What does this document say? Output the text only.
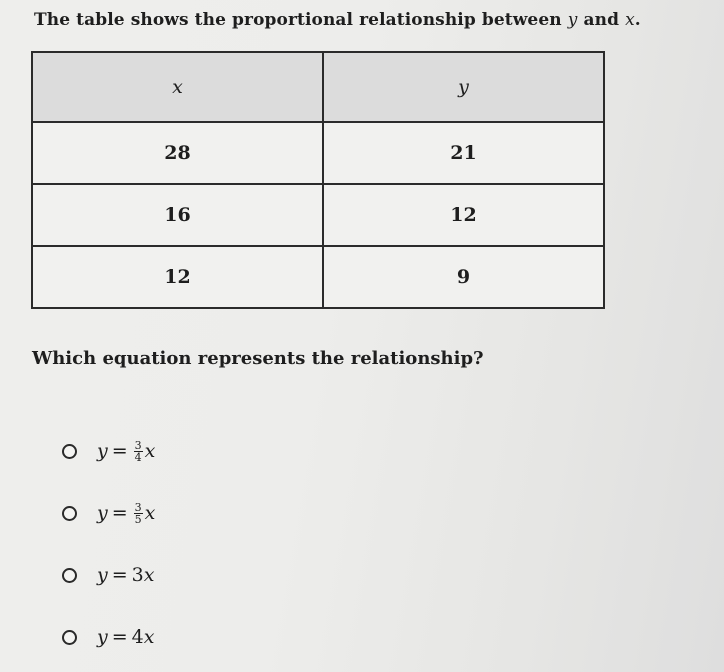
The table shows the proportional relationship between y and x.
x	y
28	21
16	12
12	9
Which equation represents the relationship?
$y = \frac{3}{4}$ x
$y = \frac{3}{5}$ x
y = 3 x
y = 4 x
